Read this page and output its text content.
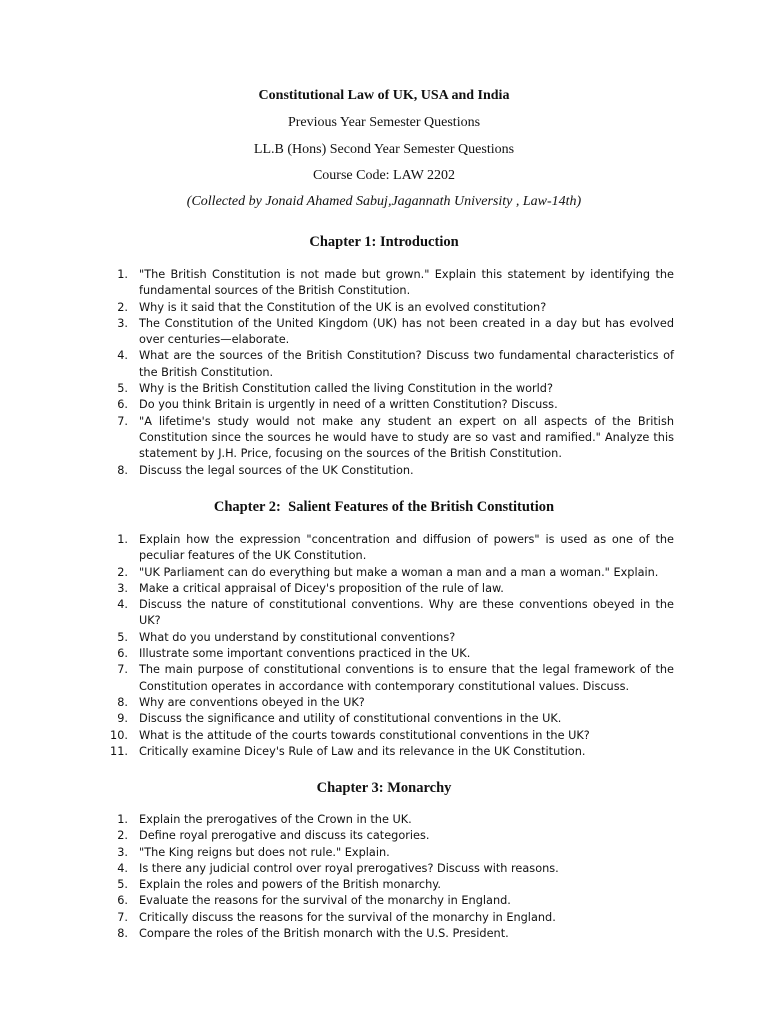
Constitutional Law of UK, USA and India
Previous Year Semester Questions
LL.B (Hons) Second Year Semester Questions
Course Code: LAW 2202
(Collected by Jonaid Ahamed Sabuj,Jagannath University , Law-14th)
Chapter 1: Introduction
1. "The British Constitution is not made but grown." Explain this statement by identifying the fundamental sources of the British Constitution.
2. Why is it said that the Constitution of the UK is an evolved constitution?
3. The Constitution of the United Kingdom (UK) has not been created in a day but has evolved over centuries—elaborate.
4. What are the sources of the British Constitution? Discuss two fundamental characteristics of the British Constitution.
5. Why is the British Constitution called the living Constitution in the world?
6. Do you think Britain is urgently in need of a written Constitution? Discuss.
7. "A lifetime's study would not make any student an expert on all aspects of the British Constitution since the sources he would have to study are so vast and ramified." Analyze this statement by J.H. Price, focusing on the sources of the British Constitution.
8. Discuss the legal sources of the UK Constitution.
Chapter 2:  Salient Features of the British Constitution
1. Explain how the expression "concentration and diffusion of powers" is used as one of the peculiar features of the UK Constitution.
2. "UK Parliament can do everything but make a woman a man and a man a woman." Explain.
3. Make a critical appraisal of Dicey's proposition of the rule of law.
4. Discuss the nature of constitutional conventions. Why are these conventions obeyed in the UK?
5. What do you understand by constitutional conventions?
6. Illustrate some important conventions practiced in the UK.
7. The main purpose of constitutional conventions is to ensure that the legal framework of the Constitution operates in accordance with contemporary constitutional values. Discuss.
8. Why are conventions obeyed in the UK?
9. Discuss the significance and utility of constitutional conventions in the UK.
10. What is the attitude of the courts towards constitutional conventions in the UK?
11. Critically examine Dicey's Rule of Law and its relevance in the UK Constitution.
Chapter 3: Monarchy
1. Explain the prerogatives of the Crown in the UK.
2. Define royal prerogative and discuss its categories.
3. "The King reigns but does not rule." Explain.
4. Is there any judicial control over royal prerogatives? Discuss with reasons.
5. Explain the roles and powers of the British monarchy.
6. Evaluate the reasons for the survival of the monarchy in England.
7. Critically discuss the reasons for the survival of the monarchy in England.
8. Compare the roles of the British monarch with the U.S. President.
